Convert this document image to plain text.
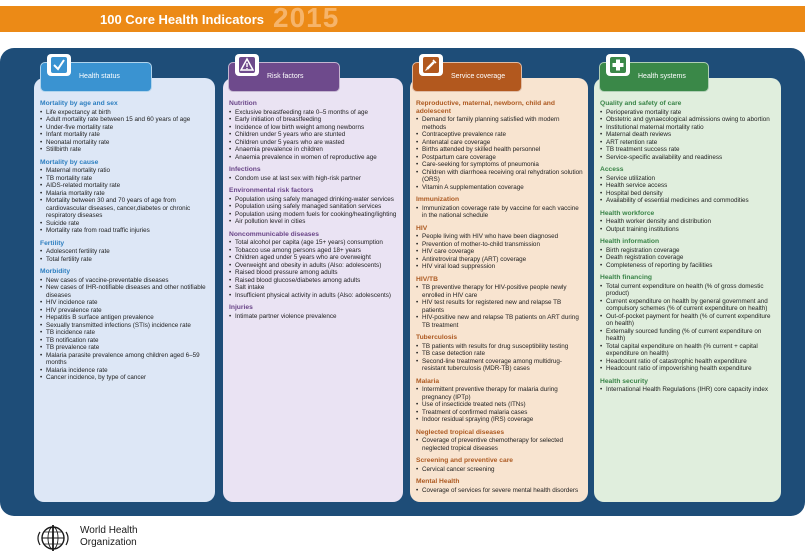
100 Core Health Indicators 2015
Mortality by age and sex
• Life expectancy at birth
• Adult mortality rate between 15 and 60 years of age
• Under-five mortality rate
• Infant mortality rate
• Neonatal mortality rate
• Stillbirth rate
Mortality by cause
• Maternal mortality ratio
• TB mortality rate
• AIDS-related mortality rate
• Malaria mortality rate
• Mortality between 30 and 70 years of age from cardiovascular diseases, cancer,diabetes or chronic respiratory diseases
• Suicide rate
• Mortality rate from road traffic injuries
Fertility
• Adolescent fertility rate
• Total fertility rate
Morbidity
• New cases of vaccine-preventable diseases
• New cases of IHR-notifiable diseases and other notifiable diseases
• HIV incidence rate
• HIV prevalence rate
• Hepatitis B surface antigen prevalence
• Sexually transmitted infections (STIs) incidence rate
• TB incidence rate
• TB notification rate
• TB prevalence rate
• Malaria parasite prevalence among children aged 6–59 months
• Malaria incidence rate
• Cancer incidence, by type of cancer
Nutrition
• Exclusive breastfeeding rate 0–5 months of age
• Early initiation of breastfeeding
• Incidence of low birth weight among newborns
• Children under 5 years who are stunted
• Children under 5 years who are wasted
• Anaemia prevalence in children
• Anaemia prevalence in women of reproductive age
Infections
• Condom use at last sex with high-risk partner
Environmental risk factors
• Population using safely managed drinking-water services
• Population using safely managed sanitation services
• Population using modern fuels for cooking/heating/lighting
• Air pollution level in cities
Noncommunicable diseases
• Total alcohol per capita (age 15+ years) consumption
• Tobacco use among persons aged 18+ years
• Children aged under 5 years who are overweight
• Overweight and obesity in adults (Also: adolescents)
• Raised blood pressure among adults
• Raised blood glucose/diabetes among adults
• Salt intake
• Insufficient physical activity in adults (Also: adolescents)
Injuries
• Intimate partner violence prevalence
Reproductive, maternal, newborn, child and adolescent
• Demand for family planning satisfied with modern methods
• Contraceptive prevalence rate
• Antenatal care coverage
• Births attended by skilled health personnel
• Postpartum care coverage
• Care-seeking for symptoms of pneumonia
• Children with diarrhoea receiving oral rehydration solution (ORS)
• Vitamin A supplementation coverage
Immunization
• Immunization coverage rate by vaccine for each vaccine in the national schedule
HIV
• People living with HIV who have been diagnosed
• Prevention of mother-to-child transmission
• HIV care coverage
• Antiretroviral therapy (ART) coverage
• HIV viral load suppression
HIV/TB
• TB preventive therapy for HIV-positive people newly enrolled in HIV care
• HIV test results for registered new and relapse TB patients
• HIV-positive new and relapse TB patients on ART during TB treatment
Tuberculosis
• TB patients with results for drug susceptibility testing
• TB case detection rate
• Second-line treatment coverage among multidrug-resistant tuberculosis (MDR-TB) cases
Malaria
• Intermittent preventive therapy for malaria during pregnancy (IPTp)
• Use of insecticide treated nets (ITNs)
• Treatment of confirmed malaria cases
• Indoor residual spraying (IRS) coverage
Neglected tropical diseases
• Coverage of preventive chemotherapy for selected neglected tropical diseases
Screening and preventive care
• Cervical cancer screening
Mental Health
• Coverage of services for severe mental health disorders
Quality and safety of care
• Perioperative mortality rate
• Obstetric and gynaecological admissions owing to abortion
• Institutional maternal mortality ratio
• Maternal death reviews
• ART retention rate
• TB treatment success rate
• Service-specific availability and readiness
Access
• Service utilization
• Health service access
• Hospital bed density
• Availability of essential medicines and commodities
Health workforce
• Health worker density and distribution
• Output training institutions
Health information
• Birth registration coverage
• Death registration coverage
• Completeness of reporting by facilities
Health financing
• Total current expenditure on health (% of gross domestic product)
• Current expenditure on health by general government and compulsory schemes (% of current expenditure on health)
• Out-of-pocket payment for health (% of current expenditure on health)
• Externally sourced funding (% of current expenditure on health)
• Total capital expenditure on health (% current + capital expenditure on health)
• Headcount ratio of catastrophic health expenditure
• Headcount ratio of impoverishing health expenditure
Health security
• International Health Regulations (IHR) core capacity index
Health status	Risk factors	Service coverage	Health systems
World Health
Organization
